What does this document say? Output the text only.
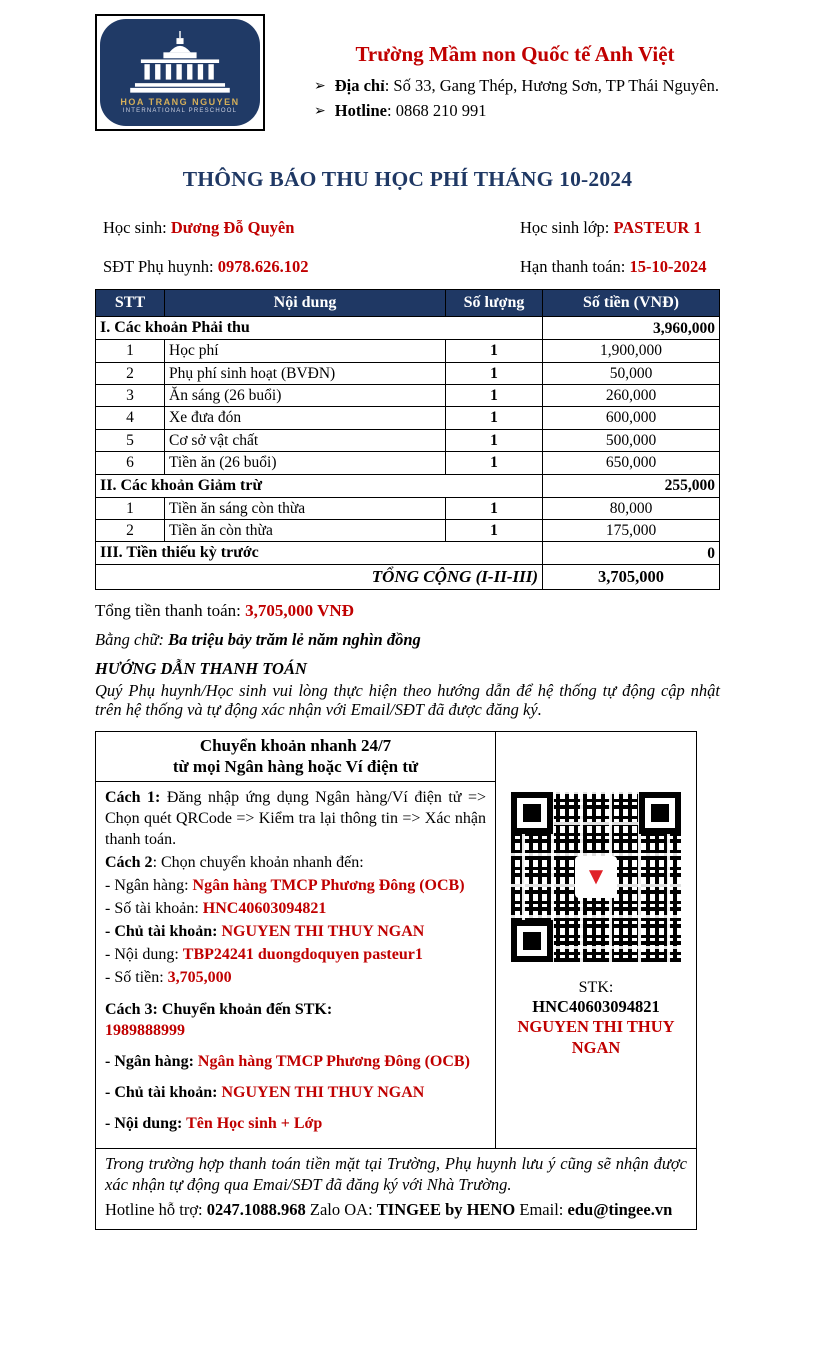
HOA TRANG NGUYEN
INTERNATIONAL PRESCHOOL
Trường Mầm non Quốc tế Anh Việt
➢ Địa chỉ: Số 33, Gang Thép, Hương Sơn, TP Thái Nguyên.
➢ Hotline: 0868 210 991
THÔNG BÁO THU HỌC PHÍ THÁNG 10-2024

Học sinh: Dương Đỗ Quyên	Học sinh lớp: PASTEUR 1

SĐT Phụ huynh: 0978.626.102	Hạn thanh toán: 15-10-2024

STT	Nội dung	Số lượng	Số tiền (VNĐ)
I. Các khoản Phải thu			3,960,000
1	Học phí	1	1,900,000
2	Phụ phí sinh hoạt (BVĐN)	1	50,000
3	Ăn sáng (26 buổi)	1	260,000
4	Xe đưa đón	1	600,000
5	Cơ sở vật chất	1	500,000
6	Tiền ăn (26 buổi)	1	650,000
II. Các khoản Giảm trừ			255,000
1	Tiền ăn sáng còn thừa	1	80,000
2	Tiền ăn còn thừa	1	175,000
III. Tiền thiếu kỳ trước			0
TỔNG CỘNG (I-II-III)			3,705,000

Tổng tiền thanh toán: 3,705,000 VNĐ

Bằng chữ: Ba triệu bảy trăm lẻ năm nghìn đồng

HƯỚNG DẪN THANH TOÁN

Quý Phụ huynh/Học sinh vui lòng thực hiện theo hướng dẫn để hệ thống tự động cập nhật trên hệ thống và tự động xác nhận với Email/SĐT đã được đăng ký.

Chuyển khoản nhanh 24/7
từ mọi Ngân hàng hoặc Ví điện tử

Cách 1: Đăng nhập ứng dụng Ngân hàng/Ví điện tử => Chọn quét QRCode => Kiểm tra lại thông tin => Xác nhận thanh toán.

Cách 2: Chọn chuyển khoản nhanh đến:

- Ngân hàng: Ngân hàng TMCP Phương Đông (OCB)

- Số tài khoản: HNC40603094821

- Chủ tài khoản: NGUYEN THI THUY NGAN

- Nội dung: TBP24241 duongdoquyen pasteur1

- Số tiền: 3,705,000

Cách 3: Chuyển khoản đến STK:
1989888999

- Ngân hàng: Ngân hàng TMCP Phương Đông (OCB)

- Chủ tài khoản: NGUYEN THI THUY NGAN

- Nội dung: Tên Học sinh + Lớp

▼
STK:
HNC40603094821
NGUYEN THI THUY NGAN

Trong trường hợp thanh toán tiền mặt tại Trường, Phụ huynh lưu ý cũng sẽ nhận được xác nhận tự động qua Emai/SĐT đã đăng ký với Nhà Trường.

Hotline hỗ trợ: 0247.1088.968 Zalo OA: TINGEE by HENO Email: edu@tingee.vn
